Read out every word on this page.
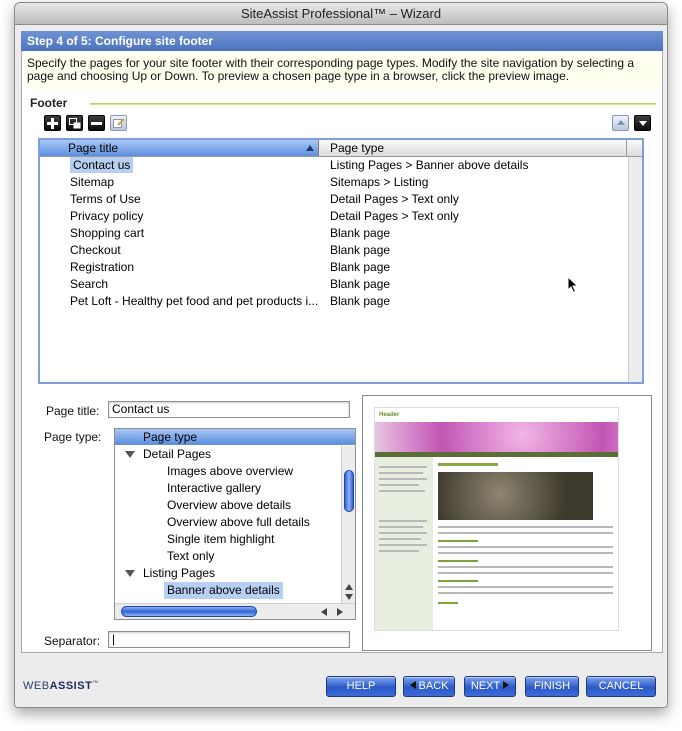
SiteAssist Professional™ – Wizard
Step 4 of 5: Configure site footer
Specify the pages for your site footer with their corresponding page types. Modify the site navigation by selecting a page and choosing Up or Down. To preview a chosen page type in a browser, click the preview image.
Footer
Page title	Page type
Contact us	Listing Pages > Banner above details
Sitemap	Sitemaps > Listing
Terms of Use	Detail Pages > Text only
Privacy policy	Detail Pages > Text only
Shopping cart	Blank page
Checkout	Blank page
Registration	Blank page
Search	Blank page
Pet Loft - Healthy pet food and pet products i... Blank page
Page title:	Contact us
Page type:	Page type
Detail Pages
Images above overview
Interactive gallery
Overview above details
Overview above full details
Single item highlight
Text only
Listing Pages
Banner above details
Separator: |
Header
WEBASSIST™	HELP	BACK	NEXT	FINISH	CANCEL
